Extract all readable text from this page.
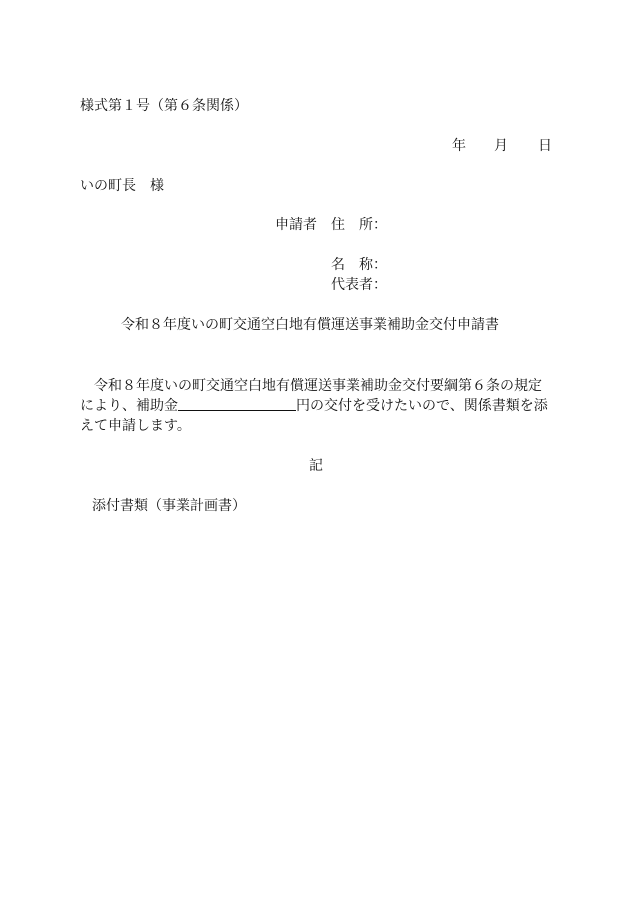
様式第１号（第６条関係）
年 月 日
いの町長　様
申請者 住　所：
名　称：
代表者：
令和８年度いの町交通空白地有償運送事業補助金交付申請書
　令和８年度いの町交通空白地有償運送事業補助金交付要綱第６条の規定により、補助金	円の交付を受けたいので、関係書類を添えて申請します。
記
添付書類（事業計画書）
